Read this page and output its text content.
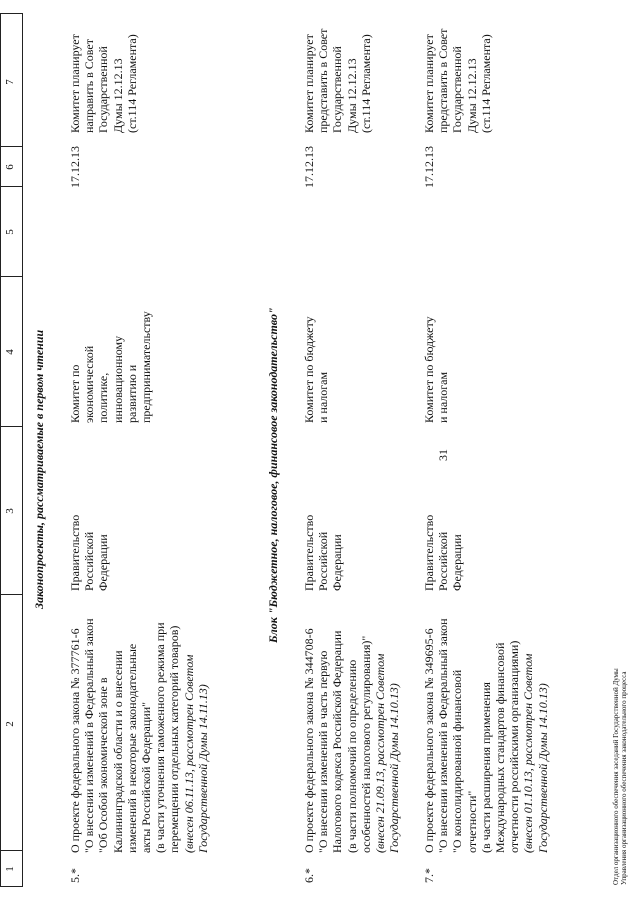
1
2
3
4
5
6
7
31
Законопроекты, рассматриваемые в первом чтении	Блок "Бюджетное, налоговое, финансовое законодательство"
5.*
О проекте федерального закона № 377761-6 "О внесении изменений в Федеральный закон "Об Особой экономической зоне в Калининградской области и о внесении изменений в некоторые законодательные акты Российской Федерации" (в части уточнения таможенного режима при перемещении отдельных категорий товаров) (внесен 06.11.13, рассмотрен Советом Государственной Думы 14.11.13)
Правительство Российской Федерации
Комитет по экономической политике, инновационному развитию и предпринимательству
17.12.13
Комитет планирует направить в Совет Государственной Думы 12.12.13 (ст.114 Регламента)
6.*
О проекте федерального закона № 344708-6 "О внесении изменений в часть первую Налогового кодекса Российской Федерации (в части полномочий по определению особенностей налогового регулирования)" (внесен 21.09.13, рассмотрен Советом Государственной Думы 14.10.13)
Правительство Российской Федерации
Комитет по бюджету и налогам
17.12.13
Комитет планирует представить в Совет Государственной Думы 12.12.13 (ст.114 Регламента)
7.*
О проекте федерального закона № 349695-6 "О внесении изменений в Федеральный закон "О консолидированной финансовой отчетности" (в части расширения применения Международных стандартов финансовой отчетности российскими организациями) (внесен 01.10.13, рассмотрен Советом Государственной Думы 14.10.13)
Правительство Российской Федерации
Комитет по бюджету и налогам
17.12.13
Комитет планирует представить в Совет Государственной Думы 12.12.13 (ст.114 Регламента)
Отдел организационного обеспечения заседаний Государственной Думы Управления организационного обеспечения законодательного процесса
